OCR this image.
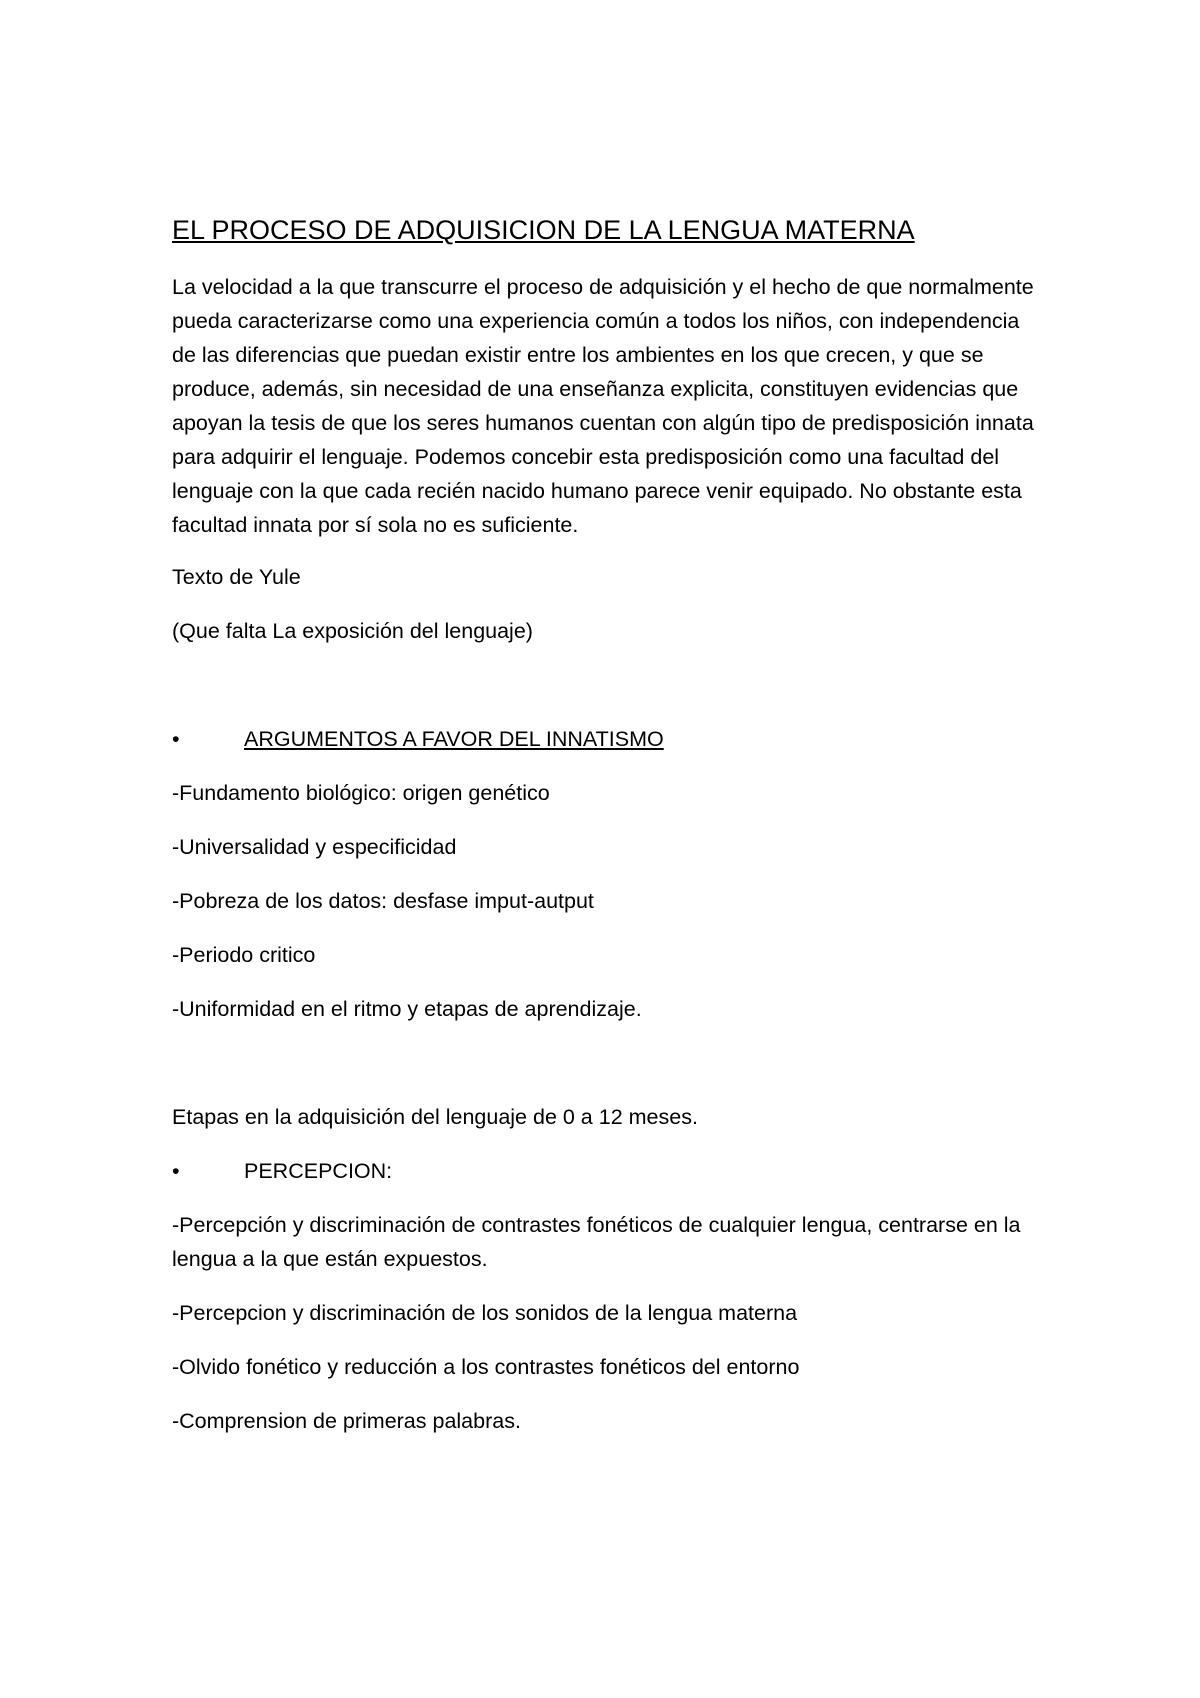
EL PROCESO DE ADQUISICION DE LA LENGUA MATERNA

La velocidad a la que transcurre el proceso de adquisición y el hecho de que normalmente pueda caracterizarse como una experiencia común a todos los niños, con independencia de las diferencias que puedan existir entre los ambientes en los que crecen, y que se produce, además, sin necesidad de una enseñanza explicita, constituyen evidencias que apoyan la tesis de que los seres humanos cuentan con algún tipo de predisposición innata para adquirir el lenguaje. Podemos concebir esta predisposición como una facultad del lenguaje con la que cada recién nacido humano parece venir equipado. No obstante esta facultad innata por sí sola no es suficiente.

Texto de Yule

(Que falta La exposición del lenguaje)

•	ARGUMENTOS A FAVOR DEL INNATISMO
-Fundamento biológico: origen genético
-Universalidad y especificidad
-Pobreza de los datos: desfase imput-autput
-Periodo critico
-Uniformidad en el ritmo y etapas de aprendizaje.

Etapas en la adquisición del lenguaje de 0 a 12 meses.

•	PERCEPCION:
-Percepción y discriminación de contrastes fonéticos de cualquier lengua, centrarse en la lengua a la que están expuestos.
-Percepcion y discriminación de los sonidos de la lengua materna
-Olvido fonético y reducción a los contrastes fonéticos del entorno
-Comprension de primeras palabras.
